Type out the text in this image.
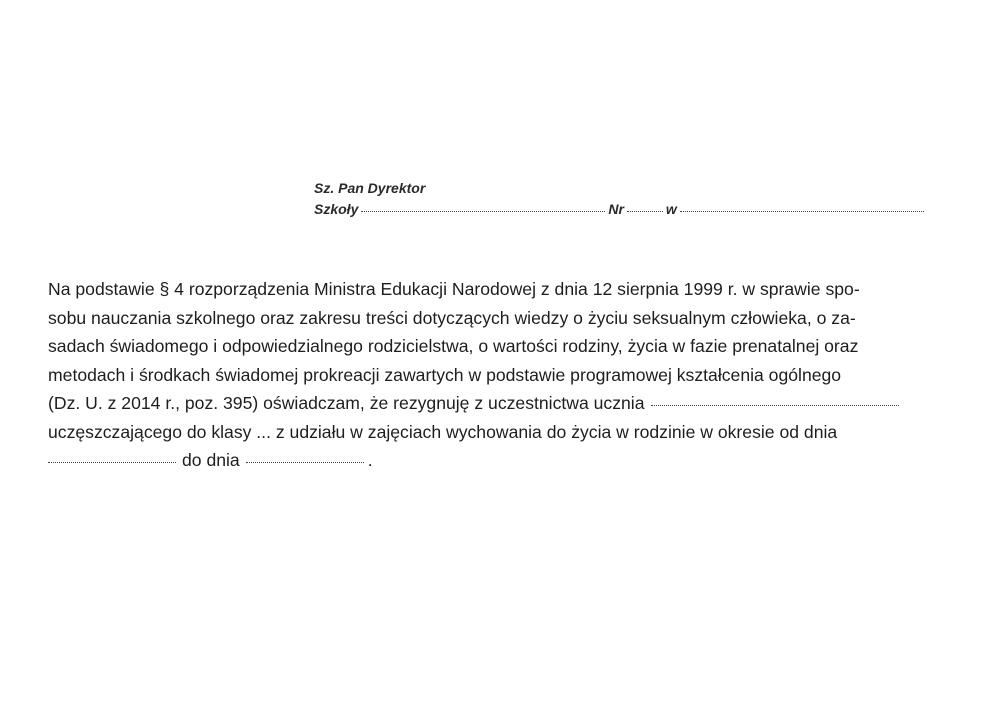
Sz. Pan Dyrektor
Szkoły	Nr	w
Na podstawie § 4 rozporządzenia Ministra Edukacji Narodowej z dnia 12 sierpnia 1999 r. w sprawie spo-
sobu nauczania szkolnego oraz zakresu treści dotyczących wiedzy o życiu seksualnym człowieka, o za-
sadach świadomego i odpowiedzialnego rodzicielstwa, o wartości rodziny, życia w fazie prenatalnej oraz
metodach i środkach świadomej prokreacji zawartych w podstawie programowej kształcenia ogólnego
(Dz. U. z 2014 r., poz. 395) oświadczam, że rezygnuję z uczestnictwa ucznia
uczęszczającego do klasy ... z udziału w zajęciach wychowania do życia w rodzinie w okresie od dnia
do dnia	.
